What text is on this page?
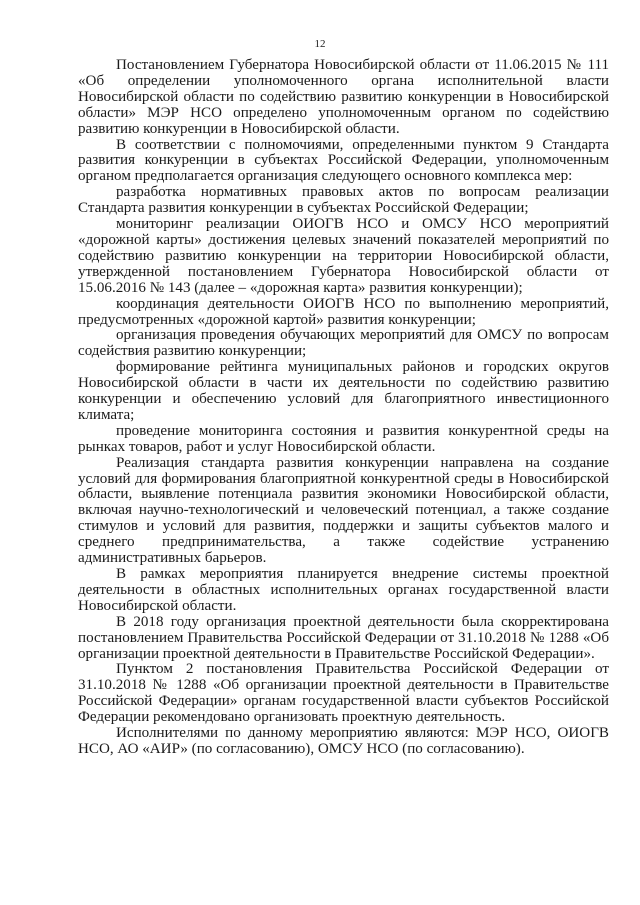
12

Постановлением Губернатора Новосибирской области от 11.06.2015 № 111 «Об определении уполномоченного органа исполнительной власти Новосибирской области по содействию развитию конкуренции в Новосибирской области» МЭР НСО определено уполномоченным органом по содействию развитию конкуренции в Новосибирской области.

В соответствии с полномочиями, определенными пунктом 9 Стандарта развития конкуренции в субъектах Российской Федерации, уполномоченным органом предполагается организация следующего основного комплекса мер:

разработка нормативных правовых актов по вопросам реализации Стандарта развития конкуренции в субъектах Российской Федерации;

мониторинг реализации ОИОГВ НСО и ОМСУ НСО мероприятий «дорожной карты» достижения целевых значений показателей мероприятий по содействию развитию конкуренции на территории Новосибирской области, утвержденной постановлением Губернатора Новосибирской области от 15.06.2016 № 143 (далее – «дорожная карта» развития конкуренции);

координация деятельности ОИОГВ НСО по выполнению мероприятий, предусмотренных «дорожной картой» развития конкуренции;

организация проведения обучающих мероприятий для ОМСУ по вопросам содействия развитию конкуренции;

формирование рейтинга муниципальных районов и городских округов Новосибирской области в части их деятельности по содействию развитию конкуренции и обеспечению условий для благоприятного инвестиционного климата;

проведение мониторинга состояния и развития конкурентной среды на рынках товаров, работ и услуг Новосибирской области.

Реализация стандарта развития конкуренции направлена на создание условий для формирования благоприятной конкурентной среды в Новосибирской области, выявление потенциала развития экономики Новосибирской области, включая научно-технологический и человеческий потенциал, а также создание стимулов и условий для развития, поддержки и защиты субъектов малого и среднего предпринимательства, а также содействие устранению административных барьеров.

В рамках мероприятия планируется внедрение системы проектной деятельности в областных исполнительных органах государственной власти Новосибирской области.

В 2018 году организация проектной деятельности была скорректирована постановлением Правительства Российской Федерации от 31.10.2018 № 1288 «Об организации проектной деятельности в Правительстве Российской Федерации».

Пунктом 2 постановления Правительства Российской Федерации от 31.10.2018 № 1288 «Об организации проектной деятельности в Правительстве Российской Федерации» органам государственной власти субъектов Российской Федерации рекомендовано организовать проектную деятельность.

Исполнителями по данному мероприятию являются: МЭР НСО, ОИОГВ НСО, АО «АИР» (по согласованию), ОМСУ НСО (по согласованию).
